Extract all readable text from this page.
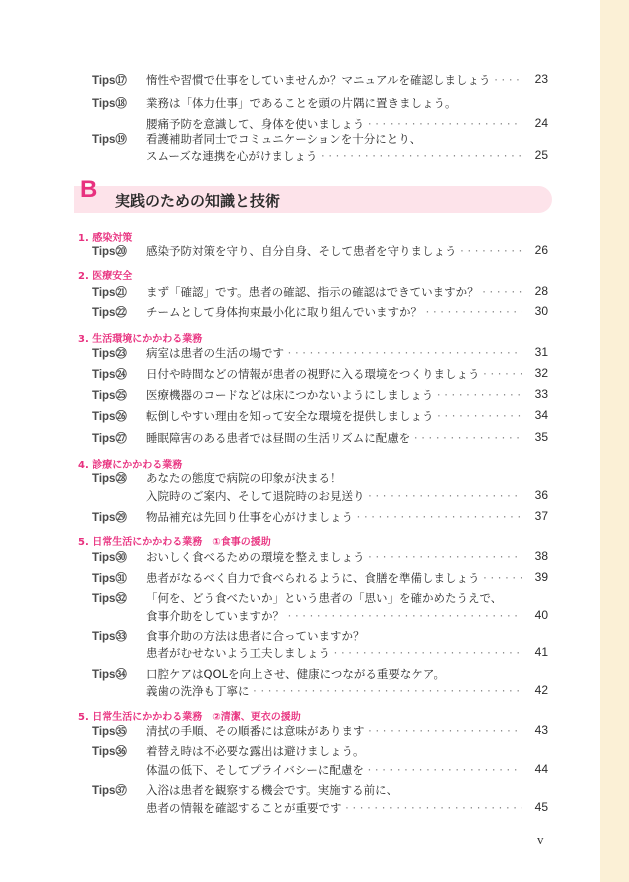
Tips⑰	惰性や習慣で仕事をしていませんか？マニュアルを確認しましょう · · ·	23
Tips⑱	業務は「体力仕事」であることを頭の片隅に置きましょう。
腰痛予防を意識して、身体を使いましょう · · ·	24
Tips⑲	看護補助者同士でコミュニケーションを十分にとり、
スムーズな連携を心がけましょう · · ·	25
B 実践のための知識と技術
1. 感染対策
Tips⑳	感染予防対策を守り、自分自身、そして患者を守りましょう · · ·	26
2. 医療安全
Tips㉑	まず「確認」です。患者の確認、指示の確認はできていますか？ · · ·	28
Tips㉒	チームとして身体拘束最小化に取り組んでいますか？ · · ·	30
3. 生活環境にかかわる業務
Tips㉓	病室は患者の生活の場です · · ·	31
Tips㉔	日付や時間などの情報が患者の視野に入る環境をつくりましょう · · ·	32
Tips㉕	医療機器のコードなどは床につかないようにしましょう · · ·	33
Tips㉖	転倒しやすい理由を知って安全な環境を提供しましょう · · ·	34
Tips㉗	睡眠障害のある患者では昼間の生活リズムに配慮を · · ·	35
4. 診療にかかわる業務
Tips㉘	あなたの態度で病院の印象が決まる！
入院時のご案内、そして退院時のお見送り · · ·	36
Tips㉙	物品補充は先回り仕事を心がけましょう · · ·	37
5. 日常生活にかかわる業務　①食事の援助
Tips㉚	おいしく食べるための環境を整えましょう · · ·	38
Tips㉛	患者がなるべく自力で食べられるように、食膳を準備しましょう · · ·	39
Tips㉜	「何を、どう食べたいか」という患者の「思い」を確かめたうえで、
食事介助をしていますか？ · · ·	40
Tips㉝	食事介助の方法は患者に合っていますか？
患者がむせないよう工夫しましょう · · ·	41
Tips㉞	口腔ケアはQOLを向上させ、健康につながる重要なケア。
義歯の洗浄も丁寧に · · ·	42
5. 日常生活にかかわる業務　②清潔、更衣の援助
Tips㉟	清拭の手順、その順番には意味があります · · ·	43
Tips㊱	着替え時は不必要な露出は避けましょう。
体温の低下、そしてプライバシーに配慮を · · ·	44
Tips㊲	入浴は患者を観察する機会です。実施する前に、
患者の情報を確認することが重要です · · ·	45
v
